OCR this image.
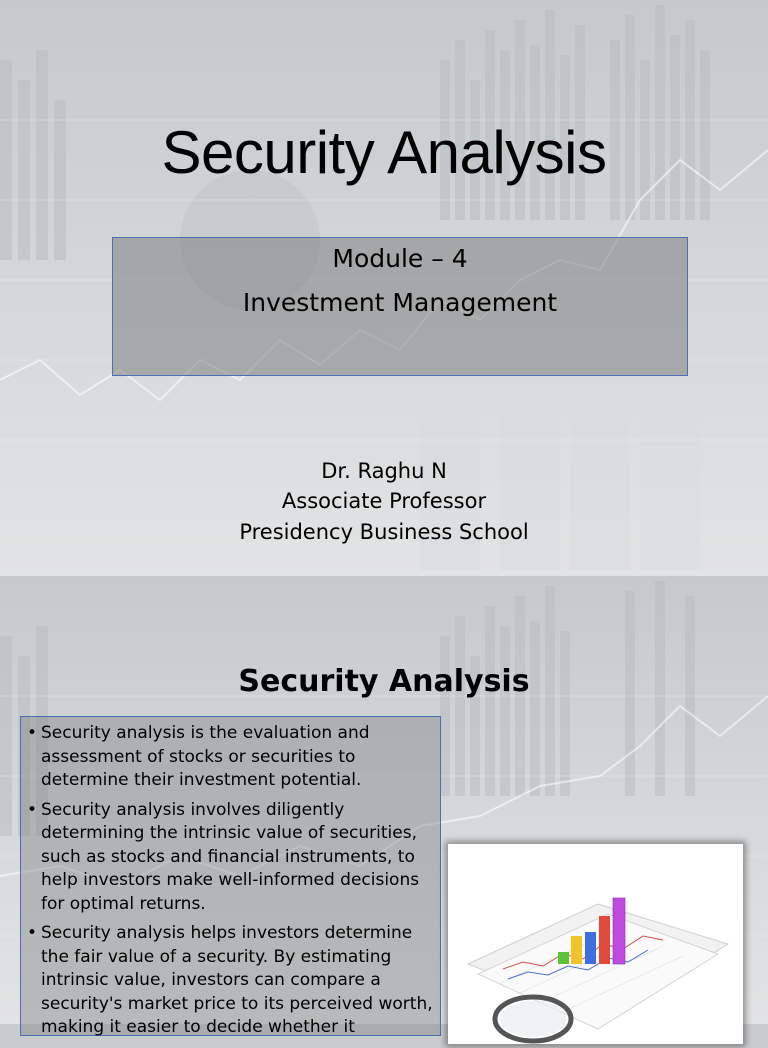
Security Analysis
Module – 4
Investment Management
Dr. Raghu N
Associate Professor
Presidency Business School
Security Analysis
• Security analysis is the evaluation and assessment of stocks or securities to determine their investment potential.
• Security analysis involves diligently determining the intrinsic value of securities, such as stocks and financial instruments, to help investors make well-informed decisions for optimal returns.
• Security analysis helps investors determine the fair value of a security. By estimating intrinsic value, investors can compare a security's market price to its perceived worth, making it easier to decide whether it
